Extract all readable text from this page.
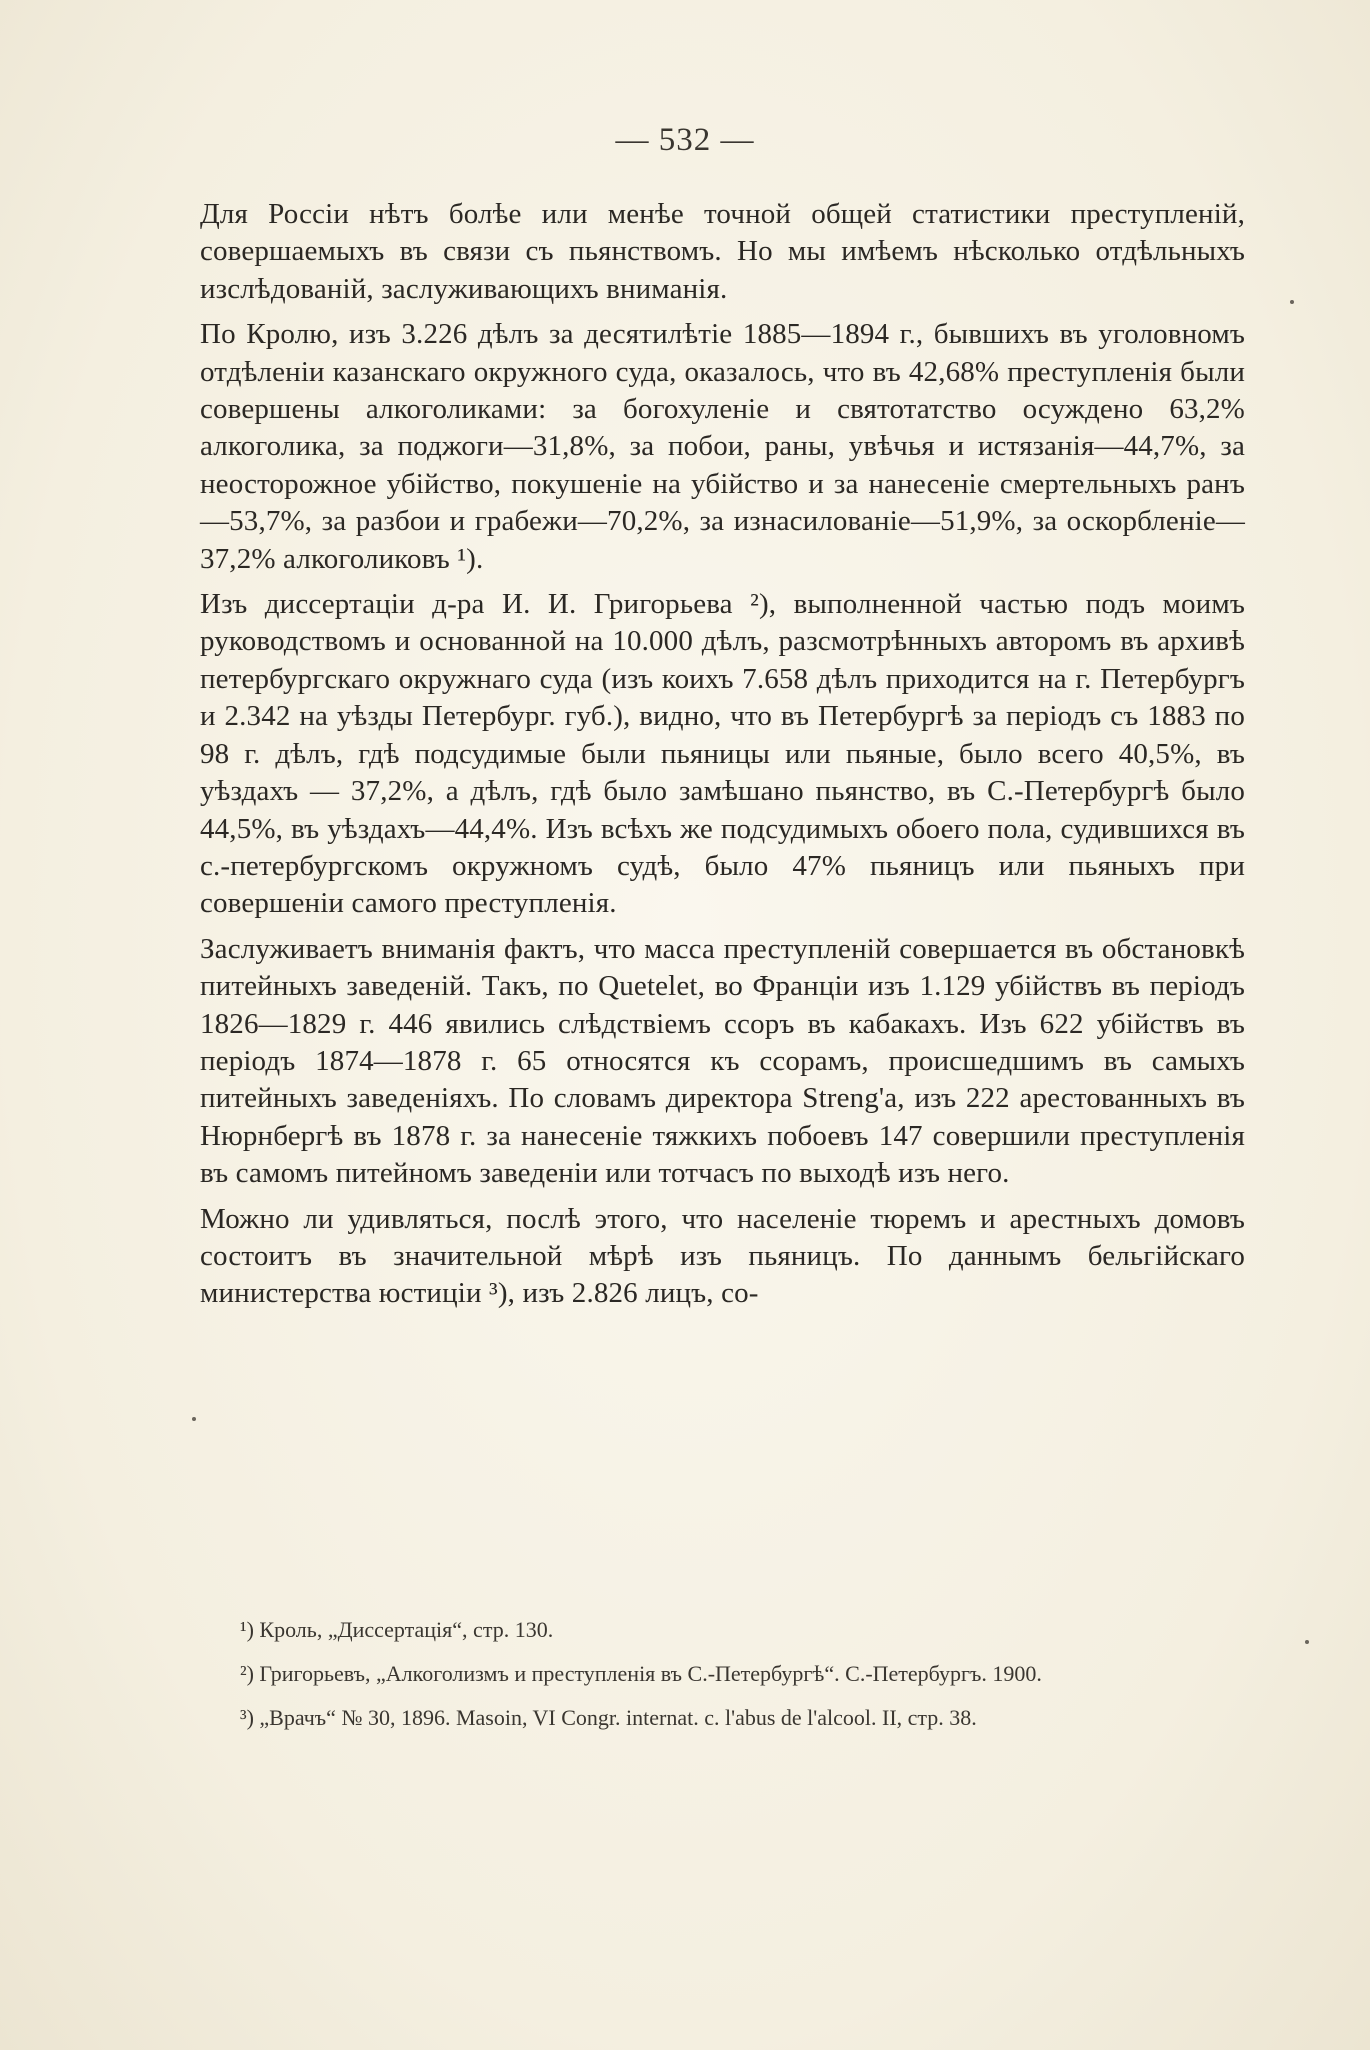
— 532 —

Для Россіи нѣтъ болѣе или менѣе точной общей статистики преступленій, совершаемыхъ въ связи съ пьянствомъ. Но мы имѣемъ нѣсколько отдѣльныхъ изслѣдованій, заслуживающихъ вниманія.

По Кролю, изъ 3.226 дѣлъ за десятилѣтіе 1885—1894 г., бывшихъ въ уголовномъ отдѣленіи казанскаго окружного суда, оказалось, что въ 42,68% преступленія были совершены алкоголиками: за богохуленіе и святотатство осуждено 63,2% алкоголика, за поджоги—31,8%, за побои, раны, увѣчья и истязанія—44,7%, за неосторожное убійство, покушеніе на убійство и за нанесеніе смертельныхъ ранъ—53,7%, за разбои и грабежи—70,2%, за изнасилованіе—51,9%, за оскорбленіе—37,2% алкоголиковъ ¹).

Изъ диссертаціи д-ра И. И. Григорьева ²), выполненной частью подъ моимъ руководствомъ и основанной на 10.000 дѣлъ, разсмотрѣнныхъ авторомъ въ архивѣ петербургскаго окружнаго суда (изъ коихъ 7.658 дѣлъ приходится на г. Петербургъ и 2.342 на уѣзды Петербург. губ.), видно, что въ Петербургѣ за періодъ съ 1883 по 98 г. дѣлъ, гдѣ подсудимые были пьяницы или пьяные, было всего 40,5%, въ уѣздахъ — 37,2%, а дѣлъ, гдѣ было замѣшано пьянство, въ С.-Петербургѣ было 44,5%, въ уѣздахъ—44,4%. Изъ всѣхъ же подсудимыхъ обоего пола, судившихся въ с.-петербургскомъ окружномъ судѣ, было 47% пьяницъ или пьяныхъ при совершеніи самого преступленія.

Заслуживаетъ вниманія фактъ, что масса преступленій совершается въ обстановкѣ питейныхъ заведеній. Такъ, по Quetelet, во Франціи изъ 1.129 убійствъ въ періодъ 1826—1829 г. 446 явились слѣдствіемъ ссоръ въ кабакахъ. Изъ 622 убійствъ въ періодъ 1874—1878 г. 65 относятся къ ссорамъ, происшедшимъ въ самыхъ питейныхъ заведеніяхъ. По словамъ директора Streng'а, изъ 222 арестованныхъ въ Нюрнбергѣ въ 1878 г. за нанесеніе тяжкихъ побоевъ 147 совершили преступленія въ самомъ питейномъ заведеніи или тотчасъ по выходѣ изъ него.

Можно ли удивляться, послѣ этого, что населеніе тюремъ и арестныхъ домовъ состоитъ въ значительной мѣрѣ изъ пьяницъ. По даннымъ бельгійскаго министерства юстиціи ³), изъ 2.826 лицъ, со-

¹) Кроль, „Диссертація“, стр. 130.

²) Григорьевъ, „Алкоголизмъ и преступленія въ С.-Петербургѣ“. С.-Петербургъ. 1900.

³) „Врачъ“ № 30, 1896. Masoin, VI Congr. internat. c. l'abus de l'alcool. II, стр. 38.
